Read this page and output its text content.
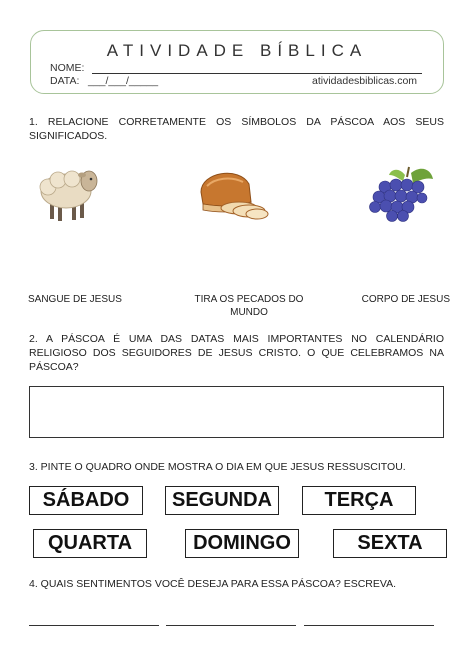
ATIVIDADE BÍBLICA
NOME:
DATA: ___/___/_____	atividadesbiblicas.com
1. RELACIONE CORRETAMENTE OS SÍMBOLOS DA PÁSCOA AOS SEUS SIGNIFICADOS.
SANGUE DE JESUS	TIRA OS PECADOS DO MUNDO
CORPO DE JESUS
2. A PÁSCOA É UMA DAS DATAS MAIS IMPORTANTES NO CALENDÁRIO RELIGIOSO DOS SEGUIDORES DE JESUS CRISTO. O QUE CELEBRAMOS NA PÁSCOA?
3. PINTE O QUADRO ONDE MOSTRA O DIA EM QUE JESUS RESSUSCITOU.
SÁBADO	SEGUNDA	TERÇA
QUARTA	DOMINGO	SEXTA
4. QUAIS SENTIMENTOS VOCÊ DESEJA PARA ESSA PÁSCOA? ESCREVA.
